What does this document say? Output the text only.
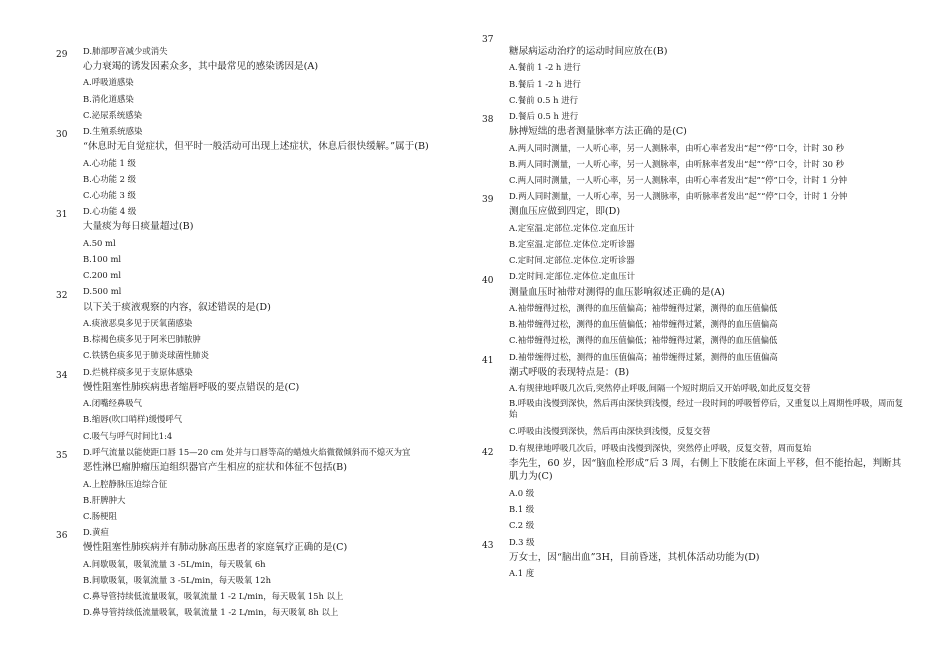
D.肺部啰音减少或消失
29
心力衰竭的诱发因素众多，其中最常见的感染诱因是(A)
A.呼吸道感染
B.消化道感染
C.泌尿系统感染
D.生殖系统感染
30
“休息时无自觉症状，但平时一般活动可出现上述症状，休息后很快缓解。”属于(B)
A.心功能 1 级
B.心功能 2 级
C.心功能 3 级
D.心功能 4 级
31
大量痰为每日痰量超过(B)
A.50 ml
B.100 ml
C.200 ml
D.500 ml
32
以下关于痰液观察的内容，叙述错误的是(D)
A.痰液恶臭多见于厌氧菌感染
B.棕褐色痰多见于阿米巴肺脓肿
C.铁锈色痰多见于肺炎球菌性肺炎
D.烂桃样痰多见于支原体感染
34
慢性阻塞性肺疾病患者缩唇呼吸的要点错误的是(C)
A.闭嘴经鼻吸气
B.缩唇(吹口哨样)缓慢呼气
C.吸气与呼气时间比1:4
D.呼气流量以能使距口唇 15—20 cm 处并与口唇等高的蜡烛火焰微微倾斜而不熄灭为宜
35
恶性淋巴瘤肿瘤压迫组织器官产生相应的症状和体征不包括(B)
A.上腔静脉压迫综合征
B.肝脾肿大
C.肠梗阻
D.黄疸
36
慢性阻塞性肺疾病并有肺动脉高压患者的家庭氧疗正确的是(C)
A.间歇吸氧，吸氧流量 3 -5L/min，每天吸氧 6h
B.间歇吸氧，吸氧流量 3 -5L/min，每天吸氧 12h
C.鼻导管持续低流量吸氧，吸氧流量 1 -2 L/min，每天吸氧 15h 以上
D.鼻导管持续低流量吸氧，吸氧流量 1 -2 L/min，每天吸氧 8h 以上
37
糖尿病运动治疗的运动时间应放在(B)
A.餐前 1 -2 h 进行
B.餐后 1 -2 h 进行
C.餐前 0.5 h 进行
D.餐后 0.5 h 进行
38
脉搏短绌的患者测量脉率方法正确的是(C)
A.两人同时测量，一人听心率，另一人测脉率，由听心率者发出“起”“停”口令，计时 30 秒
B.两人同时测量，一人听心率，另一人测脉率，由听脉率者发出“起”“停”口令，计时 30 秒
C.两人同时测量，一人听心率，另一人测脉率，由听心率者发出“起”“停”口令，计时 1 分钟
D.两人同时测量，一人听心率，另一人测脉率，由听脉率者发出“起”“停”口令，计时 1 分钟
39
测血压应做到四定，即(D)
A.定室温.定部位.定体位.定血压计
B.定室温.定部位.定体位.定听诊器
C.定时间.定部位.定体位.定听诊器
D.定时间.定部位.定体位.定血压计
40
测量血压时袖带对测得的血压影响叙述正确的是(A)
A.袖带缠得过松，测得的血压值偏高；袖带缠得过紧，测得的血压值偏低
B.袖带缠得过松，测得的血压值偏低；袖带缠得过紧，测得的血压值偏高
C.袖带缠得过松，测得的血压值偏低；袖带缠得过紧，测得的血压值偏低
D.袖带缠得过松，测得的血压值偏高；袖带缠得过紧，测得的血压值偏高
41
潮式呼吸的表现特点是：(B)
A.有规律地呼吸几次后,突然停止呼吸,间隔一个短时期后又开始呼吸,如此反复交替
B.呼吸由浅慢到深快，然后再由深快到浅慢，经过一段时间的呼吸暂停后，又重复以上周期性呼吸，周而复始
C.呼吸由浅慢到深快，然后再由深快到浅慢，反复交替
D.有规律地呼吸几次后，呼吸由浅慢到深快，突然停止呼吸，反复交替，周而复始
42
李先生，60 岁，因“脑血栓形成”后 3 周，右侧上下肢能在床面上平移，但不能抬起，判断其肌力为(C)
A.0 级
B.1 级
C.2 级
D.3 级
43
万女士，因“脑出血”3H，目前昏迷，其机体活动功能为(D)
A.1 度
